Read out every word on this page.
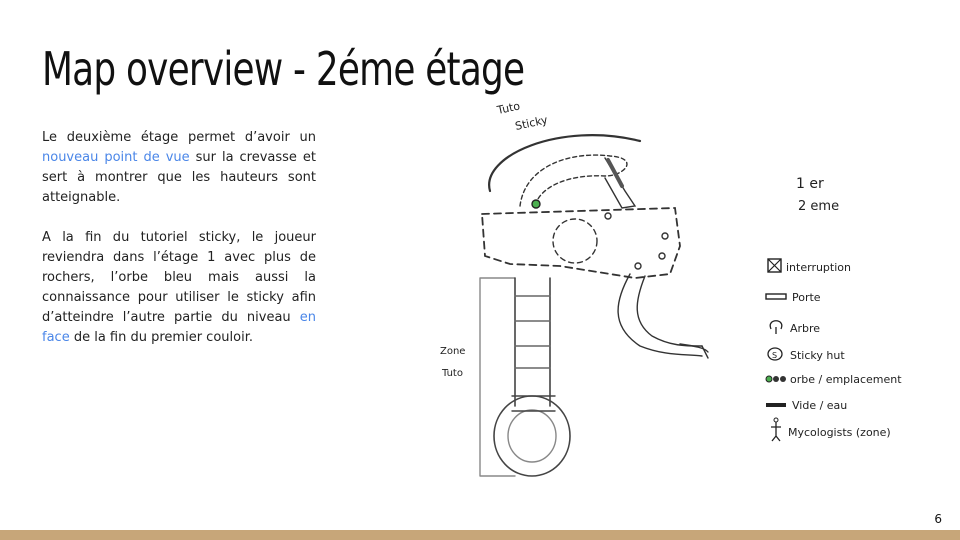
Map overview - 2éme étage

Le deuxième étage permet d’avoir un nouveau point de vue sur la crevasse et sert à montrer que les hauteurs sont atteignable.

A la fin du tutoriel sticky, le joueur reviendra dans l’étage 1 avec plus de rochers, l’orbe bleu mais aussi la connaissance pour utiliser le sticky afin d’atteindre l’autre partie du niveau en face de la fin du premier couloir.

Tuto
Sticky
Zone
Tuto
1 er
2 eme
interruption
Porte
Arbre
S Sticky hut
orbe / emplacement
Vide / eau
Mycologists (zone)
6
